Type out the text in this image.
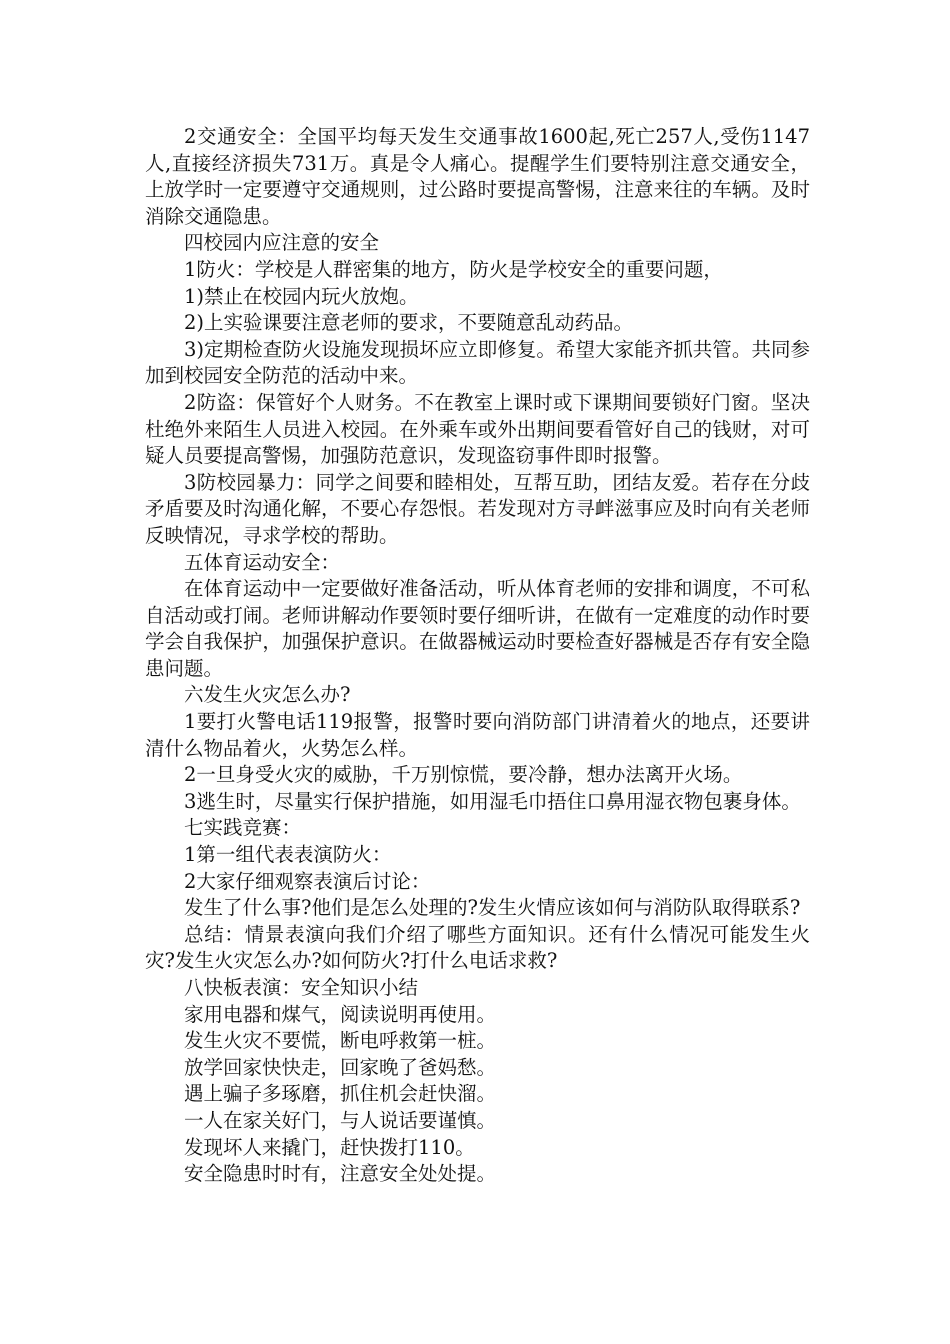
2交通安全：全国平均每天发生交通事故1600起,死亡257人,受伤1147人,直接经济损失731万。真是令人痛心。提醒学生们要特别注意交通安全，上放学时一定要遵守交通规则，过公路时要提高警惕，注意来往的车辆。及时消除交通隐患。

四校园内应注意的安全

1防火：学校是人群密集的地方，防火是学校安全的重要问题，

1)禁止在校园内玩火放炮。

2)上实验课要注意老师的要求，不要随意乱动药品。

3)定期检查防火设施发现损坏应立即修复。希望大家能齐抓共管。共同参加到校园安全防范的活动中来。

2防盗：保管好个人财务。不在教室上课时或下课期间要锁好门窗。坚决杜绝外来陌生人员进入校园。在外乘车或外出期间要看管好自己的钱财，对可疑人员要提高警惕，加强防范意识，发现盗窃事件即时报警。

3防校园暴力：同学之间要和睦相处，互帮互助，团结友爱。若存在分歧矛盾要及时沟通化解，不要心存怨恨。若发现对方寻衅滋事应及时向有关老师反映情况，寻求学校的帮助。

五体育运动安全：

在体育运动中一定要做好准备活动，听从体育老师的安排和调度，不可私自活动或打闹。老师讲解动作要领时要仔细听讲，在做有一定难度的动作时要学会自我保护，加强保护意识。在做器械运动时要检查好器械是否存有安全隐患问题。

六发生火灾怎么办?

1要打火警电话119报警，报警时要向消防部门讲清着火的地点，还要讲清什么物品着火，火势怎么样。

2一旦身受火灾的威胁，千万别惊慌，要冷静，想办法离开火场。

3逃生时，尽量实行保护措施，如用湿毛巾捂住口鼻用湿衣物包裹身体。

七实践竞赛：

1第一组代表表演防火：

2大家仔细观察表演后讨论：

发生了什么事?他们是怎么处理的?发生火情应该如何与消防队取得联系?

总结：情景表演向我们介绍了哪些方面知识。还有什么情况可能发生火灾?发生火灾怎么办?如何防火?打什么电话求救?

八快板表演：安全知识小结

家用电器和煤气，阅读说明再使用。

发生火灾不要慌，断电呼救第一桩。

放学回家快快走，回家晚了爸妈愁。

遇上骗子多琢磨，抓住机会赶快溜。

一人在家关好门，与人说话要谨慎。

发现坏人来撬门，赶快拨打110。

安全隐患时时有，注意安全处处提。
